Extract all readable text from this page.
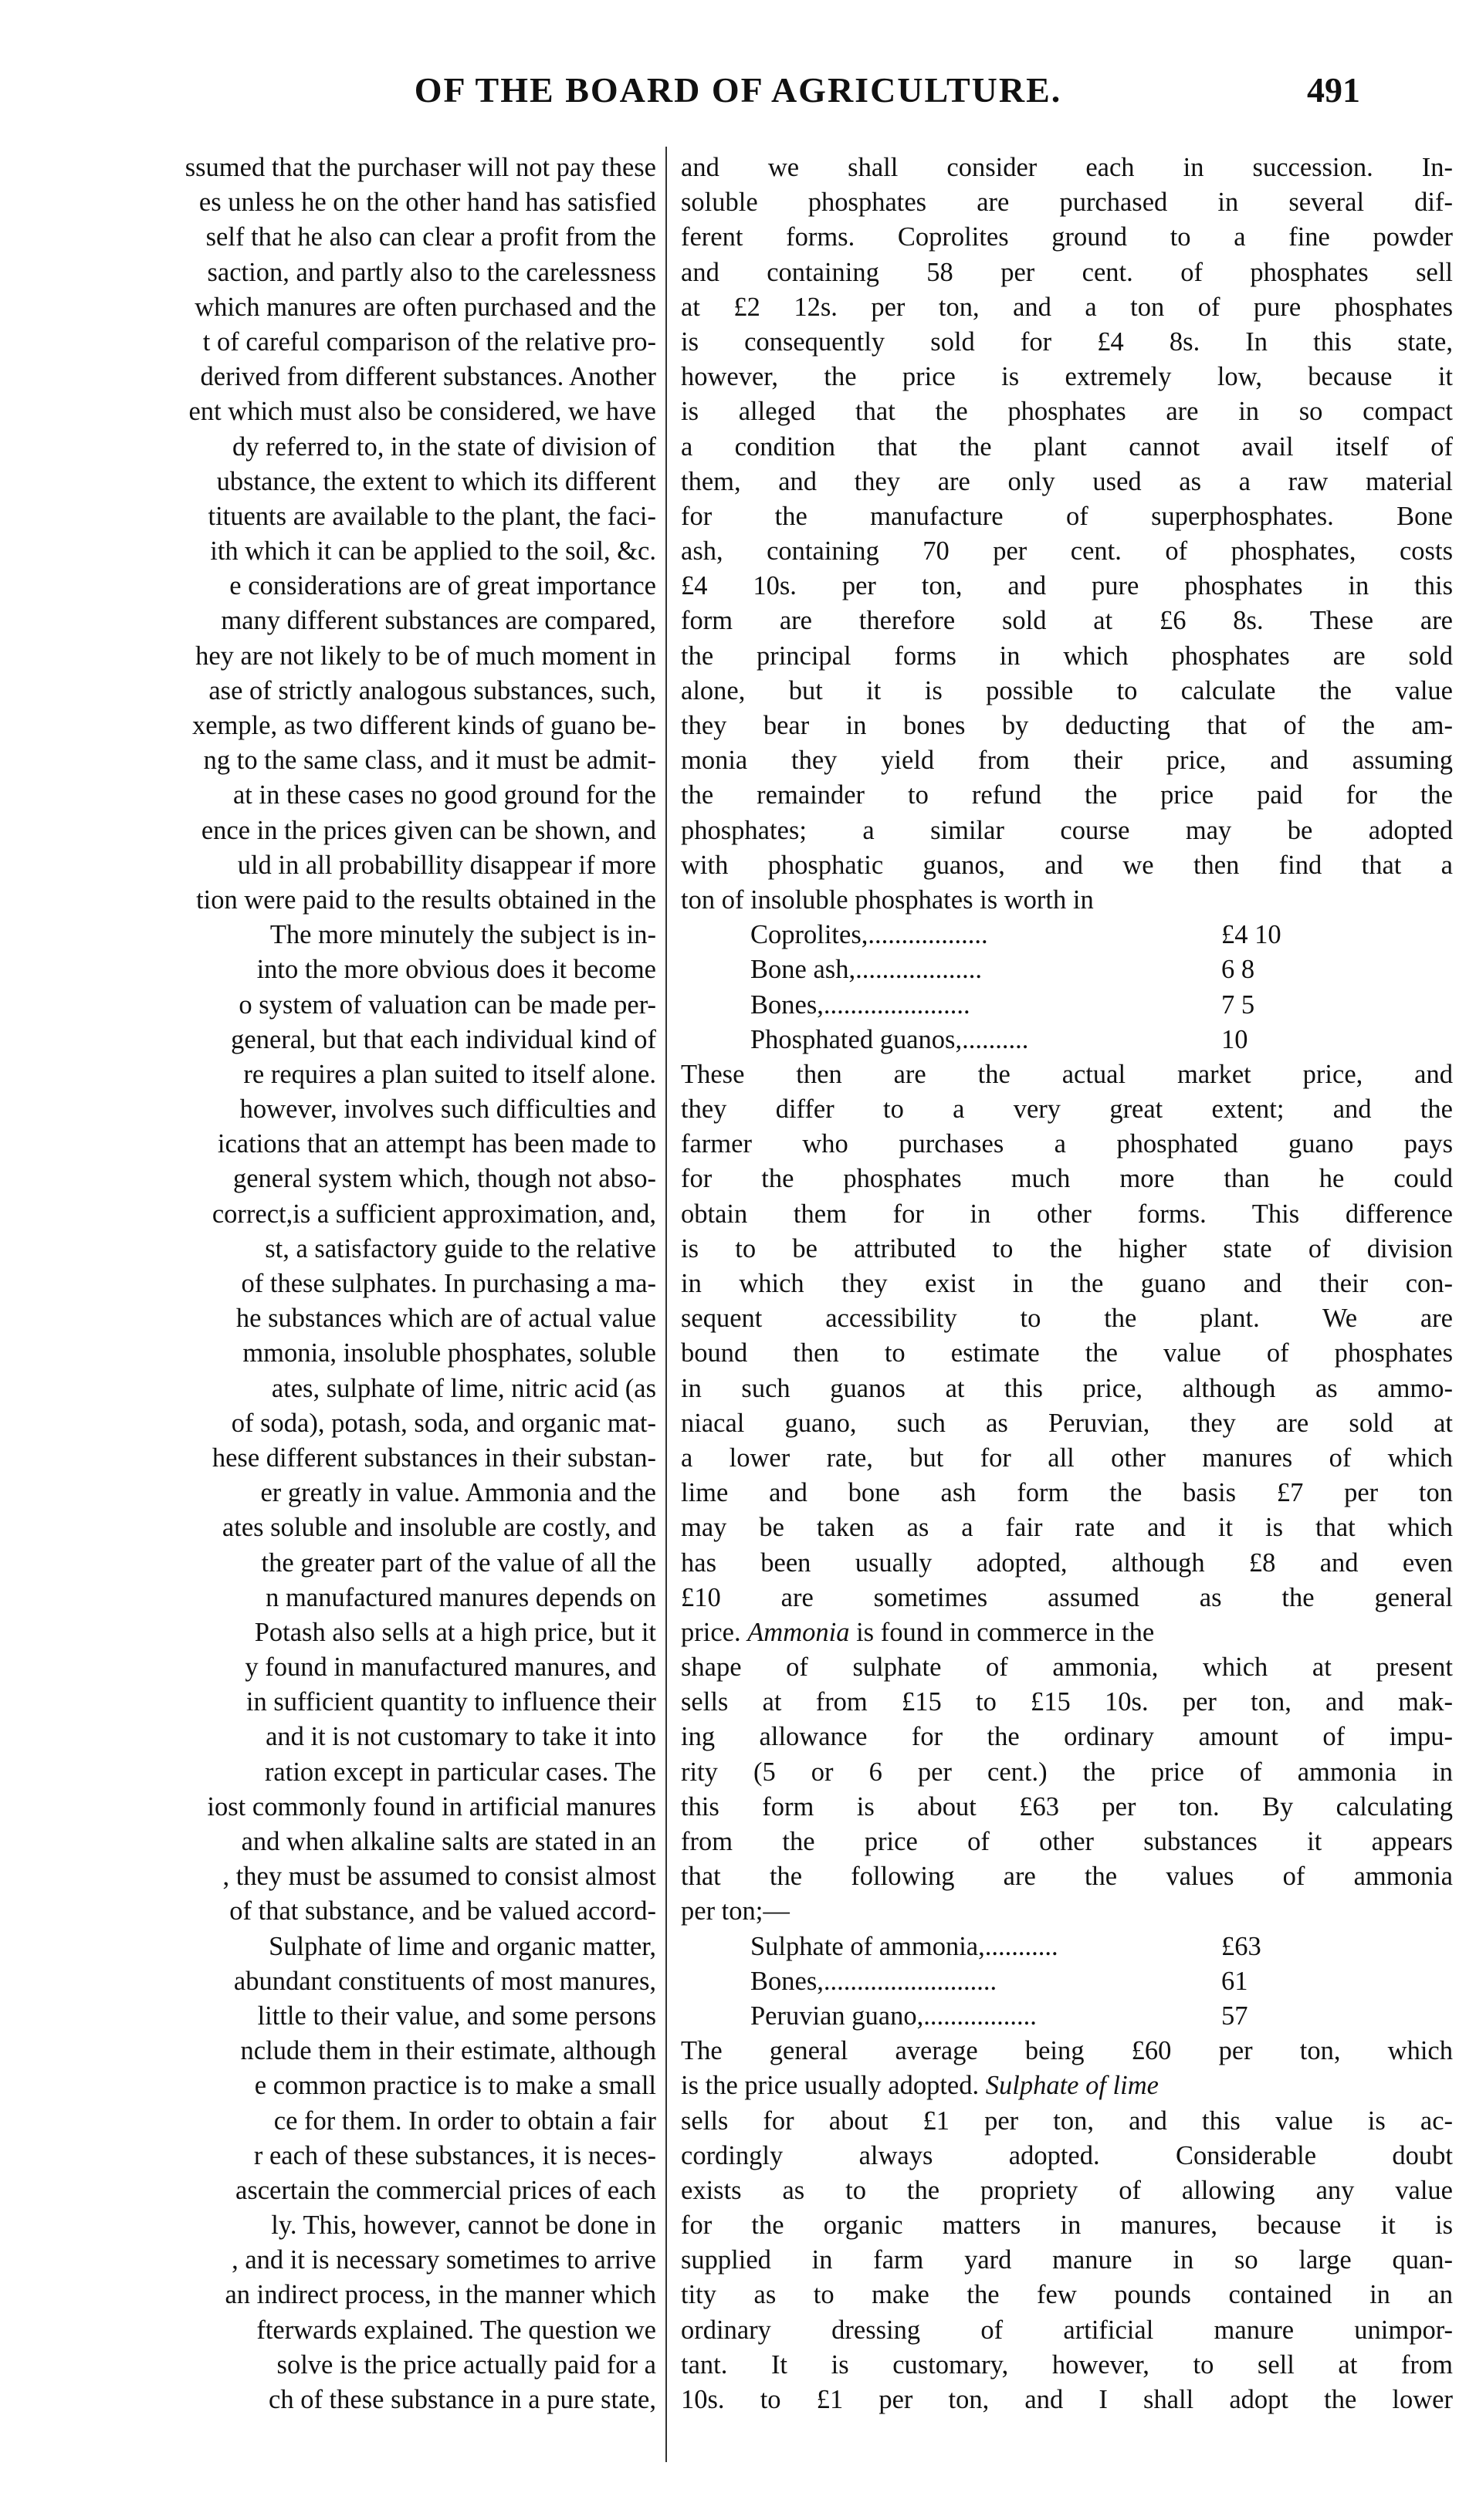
OF THE BOARD OF AGRICULTURE.	491
ssumed that the purchaser will not pay these
es unless he on the other hand has satisfied
self that he also can clear a profit from the
saction, and partly also to the carelessness
which manures are often purchased and the
t of careful comparison of the relative pro-
derived from different substances. Another
ent which must also be considered, we have
dy referred to, in the state of division of
ubstance, the extent to which its different
tituents are available to the plant, the faci-
ith which it can be applied to the soil, &c.
e considerations are of great importance
many different substances are compared,
hey are not likely to be of much moment in
ase of strictly analogous substances, such,
xemple, as two different kinds of guano be-
ng to the same class, and it must be admit-
at in these cases no good ground for the
ence in the prices given can be shown, and
uld in all probabillity disappear if more
tion were paid to the results obtained in the
The more minutely the subject is in-
into the more obvious does it become
o system of valuation can be made per-
general, but that each individual kind of
re requires a plan suited to itself alone.
however, involves such difficulties and
ications that an attempt has been made to
general system which, though not abso-
correct,is a sufficient approximation, and,
st, a satisfactory guide to the relative
of these sulphates. In purchasing a ma-
he substances which are of actual value
mmonia, insoluble phosphates, soluble
ates, sulphate of lime, nitric acid (as
of soda), potash, soda, and organic mat-
hese different substances in their substan-
er greatly in value. Ammonia and the
ates soluble and insoluble are costly, and
the greater part of the value of all the
n manufactured manures depends on
Potash also sells at a high price, but it
y found in manufactured manures, and
in sufficient quantity to influence their
and it is not customary to take it into
ration except in particular cases. The
iost commonly found in artificial manures
and when alkaline salts are stated in an
, they must be assumed to consist almost
of that substance, and be valued accord-
Sulphate of lime and organic matter,
abundant constituents of most manures,
little to their value, and some persons
nclude them in their estimate, although
e common practice is to make a small
ce for them. In order to obtain a fair
r each of these substances, it is neces-
ascertain the commercial prices of each
ly. This, however, cannot be done in
, and it is necessary sometimes to arrive
an indirect process, in the manner which
fterwards explained. The question we
solve is the price actually paid for a
ch of these substance in a pure state,
and we shall consider each in succession. In-
soluble phosphates are purchased in several dif-
ferent forms. Coprolites ground to a fine powder
and containing 58 per cent. of phosphates sell
at £2 12s. per ton, and a ton of pure phosphates
is consequently sold for £4 8s. In this state,
however, the price is extremely low, because it
is alleged that the phosphates are in so compact
a condition that the plant cannot avail itself of
them, and they are only used as a raw material
for the manufacture of superphosphates. Bone
ash, containing 70 per cent. of phosphates, costs
£4 10s. per ton, and pure phosphates in this
form are therefore sold at £6 8s. These are
the principal forms in which phosphates are sold
alone, but it is possible to calculate the value
they bear in bones by deducting that of the am-
monia they yield from their price, and assuming
the remainder to refund the price paid for the
phosphates; a similar course may be adopted
with phosphatic guanos, and we then find that a
ton of insoluble phosphates is worth in
Coprolites,..................	£4 10
Bone ash,...................	6 8
Bones,......................	7 5
Phosphated guanos,..........	10
These then are the actual market price, and
they differ to a very great extent; and the
farmer who purchases a phosphated guano pays
for the phosphates much more than he could
obtain them for in other forms. This difference
is to be attributed to the higher state of division
in which they exist in the guano and their con-
sequent accessibility to the plant. We are
bound then to estimate the value of phosphates
in such guanos at this price, although as ammo-
niacal guano, such as Peruvian, they are sold at
a lower rate, but for all other manures of which
lime and bone ash form the basis £7 per ton
may be taken as a fair rate and it is that which
has been usually adopted, although £8 and even
£10 are sometimes assumed as the general
price. Ammonia is found in commerce in the
shape of sulphate of ammonia, which at present
sells at from £15 to £15 10s. per ton, and mak-
ing allowance for the ordinary amount of impu-
rity (5 or 6 per cent.) the price of ammonia in
this form is about £63 per ton. By calculating
from the price of other substances it appears
that the following are the values of ammonia
per ton;—
Sulphate of ammonia,...........	£63
Bones,..........................	61
Peruvian guano,.................	57
The general average being £60 per ton, which
is the price usually adopted. Sulphate of lime
sells for about £1 per ton, and this value is ac-
cordingly always adopted. Considerable doubt
exists as to the propriety of allowing any value
for the organic matters in manures, because it is
supplied in farm yard manure in so large quan-
tity as to make the few pounds contained in an
ordinary dressing of artificial manure unimpor-
tant. It is customary, however, to sell at from
10s. to £1 per ton, and I shall adopt the lower
